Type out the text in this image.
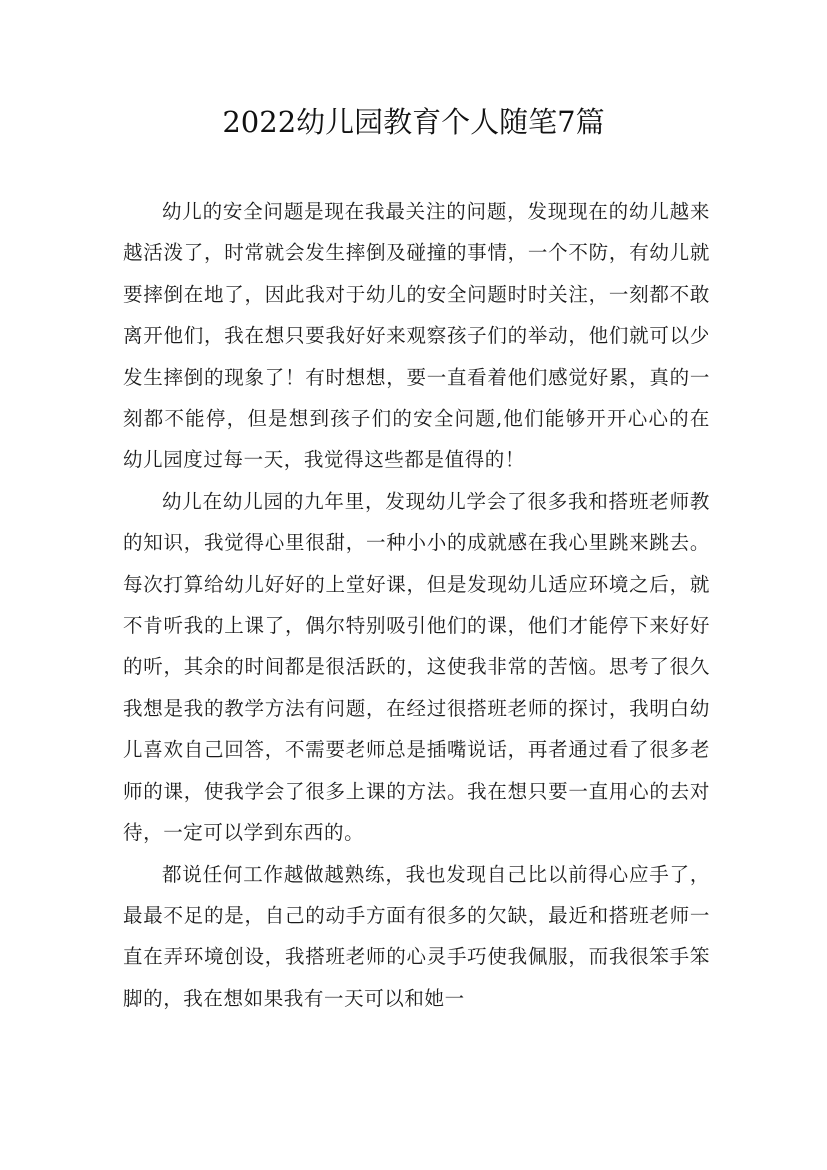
2022幼儿园教育个人随笔7篇

幼儿的安全问题是现在我最关注的问题，发现现在的幼儿越来越活泼了，时常就会发生摔倒及碰撞的事情，一个不防，有幼儿就要摔倒在地了，因此我对于幼儿的安全问题时时关注，一刻都不敢离开他们，我在想只要我好好来观察孩子们的举动，他们就可以少发生摔倒的现象了！有时想想，要一直看着他们感觉好累，真的一刻都不能停，但是想到孩子们的安全问题,他们能够开开心心的在幼儿园度过每一天，我觉得这些都是值得的！

幼儿在幼儿园的九年里，发现幼儿学会了很多我和搭班老师教的知识，我觉得心里很甜，一种小小的成就感在我心里跳来跳去。每次打算给幼儿好好的上堂好课，但是发现幼儿适应环境之后，就不肯听我的上课了，偶尔特别吸引他们的课，他们才能停下来好好的听，其余的时间都是很活跃的，这使我非常的苦恼。思考了很久我想是我的教学方法有问题，在经过很搭班老师的探讨，我明白幼儿喜欢自己回答，不需要老师总是插嘴说话，再者通过看了很多老师的课，使我学会了很多上课的方法。我在想只要一直用心的去对待，一定可以学到东西的。

都说任何工作越做越熟练，我也发现自己比以前得心应手了，最最不足的是，自己的动手方面有很多的欠缺，最近和搭班老师一直在弄环境创设，我搭班老师的心灵手巧使我佩服，而我很笨手笨脚的，我在想如果我有一天可以和她一
